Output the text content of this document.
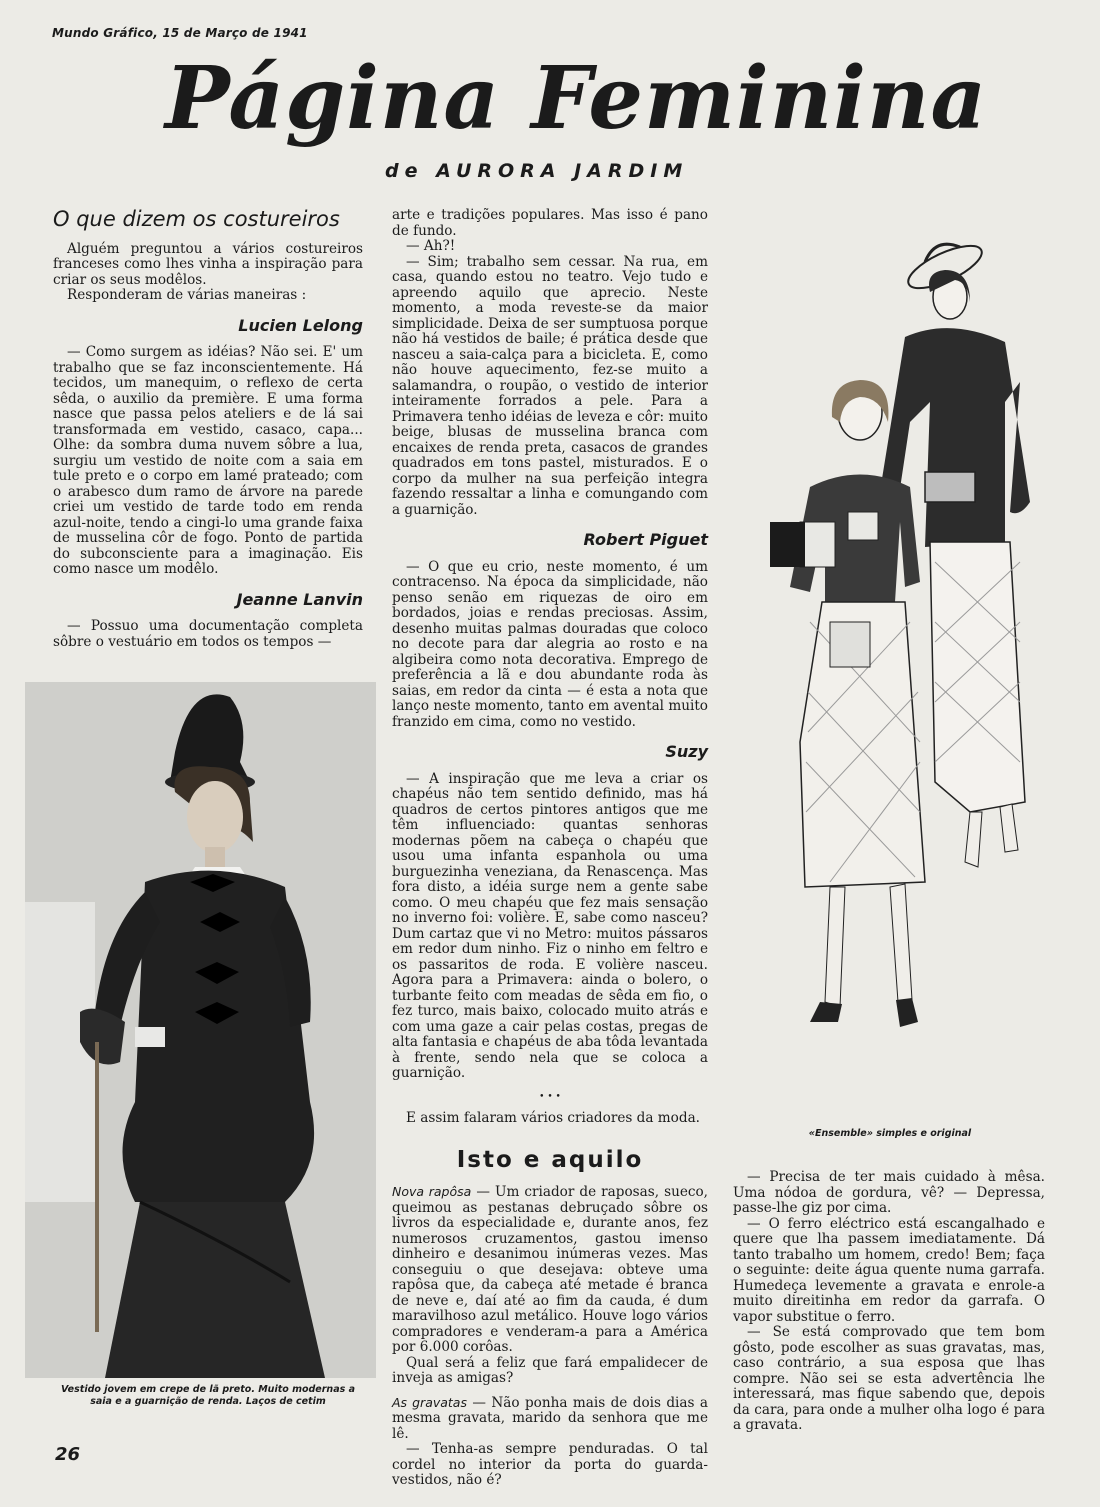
Mundo Gráfico, 15 de Março de 1941
Página Feminina
de AURORA JARDIM
O que dizem os costureiros

Alguém preguntou a vários costureiros franceses como lhes vinha a inspiração para criar os seus modêlos.

Responderam de várias maneiras :

Lucien Lelong

— Como surgem as idéias? Não sei. E' um trabalho que se faz inconscientemente. Há tecidos, um manequim, o reflexo de certa sêda, o auxilio da première. E uma forma nasce que passa pelos ateliers e de lá sai transformada em vestido, casaco, capa... Olhe: da sombra duma nuvem sôbre a lua, surgiu um vestido de noite com a saia em tule preto e o corpo em lamé prateado; com o arabesco dum ramo de árvore na parede criei um vestido de tarde todo em renda azul-noite, tendo a cingi-lo uma grande faixa de musselina côr de fogo. Ponto de partida do subconsciente para a imaginação. Eis como nasce um modêlo.

Jeanne Lanvin

— Possuo uma documentação completa sôbre o vestuário em todos os tempos —

Vestido jovem em crepe de lã preto. Muito modernas a saia e a guarnição de renda. Laços de cetim

arte e tradições populares. Mas isso é pano de fundo.

— Ah?!

— Sim; trabalho sem cessar. Na rua, em casa, quando estou no teatro. Vejo tudo e apreendo aquilo que aprecio. Neste momento, a moda reveste-se da maior simplicidade. Deixa de ser sumptuosa porque não há vestidos de baile; é prática desde que nasceu a saia-calça para a bicicleta. E, como não houve aquecimento, fez-se muito a salamandra, o roupão, o vestido de interior inteiramente forrados a pele. Para a Primavera tenho idéias de leveza e côr: muito beige, blusas de musselina branca com encaixes de renda preta, casacos de grandes quadrados em tons pastel, misturados. E o corpo da mulher na sua perfeição integra fazendo ressaltar a linha e comungando com a guarnição.

Robert Piguet

— O que eu crio, neste momento, é um contracenso. Na época da simplicidade, não penso senão em riquezas de oiro em bordados, joias e rendas preciosas. Assim, desenho muitas palmas douradas que coloco no decote para dar alegria ao rosto e na algibeira como nota decorativa. Emprego de preferência a lã e dou abundante roda às saias, em redor da cinta — é esta a nota que lanço neste momento, tanto em avental muito franzido em cima, como no vestido.

Suzy

— A inspiração que me leva a criar os chapéus não tem sentido definido, mas há quadros de certos pintores antigos que me têm influenciado: quantas senhoras modernas põem na cabeça o chapéu que usou uma infanta espanhola ou uma burguezinha veneziana, da Renascença. Mas fora disto, a idéia surge nem a gente sabe como. O meu chapéu que fez mais sensação no inverno foi: volière. E, sabe como nasceu? Dum cartaz que vi no Metro: muitos pássaros em redor dum ninho. Fiz o ninho em feltro e os passaritos de roda. E volière nasceu. Agora para a Primavera: ainda o bolero, o turbante feito com meadas de sêda em fio, o fez turco, mais baixo, colocado muito atrás e com uma gaze a cair pelas costas, pregas de alta fantasia e chapéus de aba tôda levantada à frente, sendo nela que se coloca a guarnição.

• • •

E assim falaram vários criadores da moda.

Isto e aquilo

Nova rapôsa — Um criador de raposas, sueco, queimou as pestanas debruçado sôbre os livros da especialidade e, durante anos, fez numerosos cruzamentos, gastou imenso dinheiro e desanimou inúmeras vezes. Mas conseguiu o que desejava: obteve uma rapôsa que, da cabeça até metade é branca de neve e, daí até ao fim da cauda, é dum maravilhoso azul metálico. Houve logo vários compradores e venderam-a para a América por 6.000 corôas.

Qual será a feliz que fará empalidecer de inveja as amigas?

As gravatas — Não ponha mais de dois dias a mesma gravata, marido da senhora que me lê.

— Tenha-as sempre penduradas. O tal cordel no interior da porta do guarda-vestidos, não é?

«Ensemble» simples e original

— Precisa de ter mais cuidado à mêsa. Uma nódoa de gordura, vê? — Depressa, passe-lhe giz por cima.

— O ferro eléctrico está escangalhado e quere que lha passem imediatamente. Dá tanto trabalho um homem, credo! Bem; faça o seguinte: deite água quente numa garrafa. Humedeça levemente a gravata e enrole-a muito direitinha em redor da garrafa. O vapor substitue o ferro.

— Se está comprovado que tem bom gôsto, pode escolher as suas gravatas, mas, caso contrário, a sua esposa que lhas compre. Não sei se esta advertência lhe interessará, mas fique sabendo que, depois da cara, para onde a mulher olha logo é para a gravata.

26
